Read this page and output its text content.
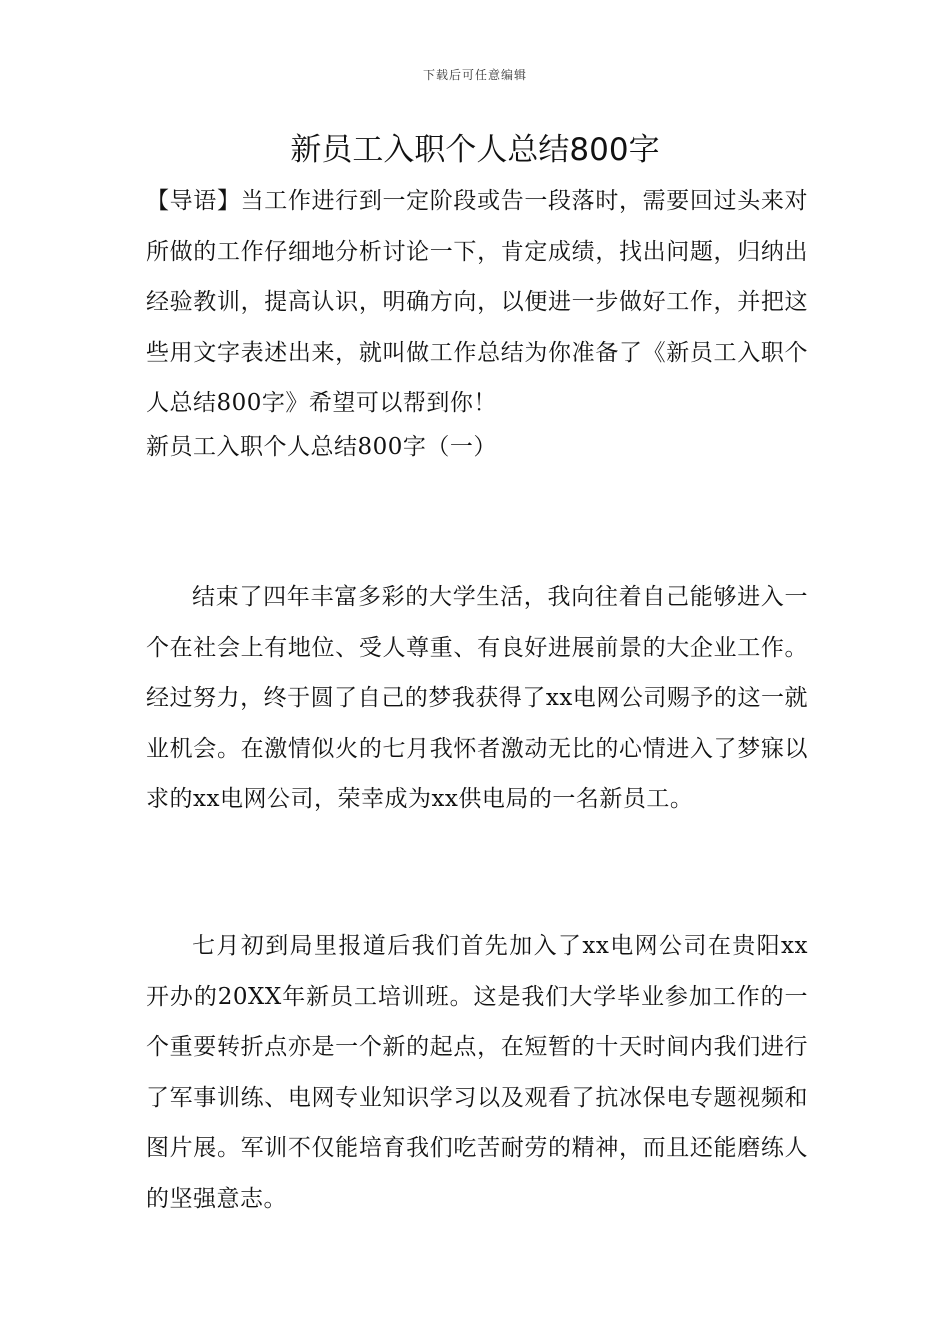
下载后可任意编辑
新员工入职个人总结800字

【导语】当工作进行到一定阶段或告一段落时，需要回过头来对所做的工作仔细地分析讨论一下，肯定成绩，找出问题，归纳出经验教训，提高认识，明确方向，以便进一步做好工作，并把这些用文字表述出来，就叫做工作总结为你准备了《新员工入职个人总结800字》希望可以帮到你！

新员工入职个人总结800字（一）

结束了四年丰富多彩的大学生活，我向往着自己能够进入一个在社会上有地位、受人尊重、有良好进展前景的大企业工作。经过努力，终于圆了自己的梦我获得了xx电网公司赐予的这一就业机会。在激情似火的七月我怀者激动无比的心情进入了梦寐以求的xx电网公司，荣幸成为xx供电局的一名新员工。

七月初到局里报道后我们首先加入了xx电网公司在贵阳xx开办的20XX年新员工培训班。这是我们大学毕业参加工作的一个重要转折点亦是一个新的起点，在短暂的十天时间内我们进行了军事训练、电网专业知识学习以及观看了抗冰保电专题视频和图片展。军训不仅能培育我们吃苦耐劳的精神，而且还能磨练人的坚强意志。
